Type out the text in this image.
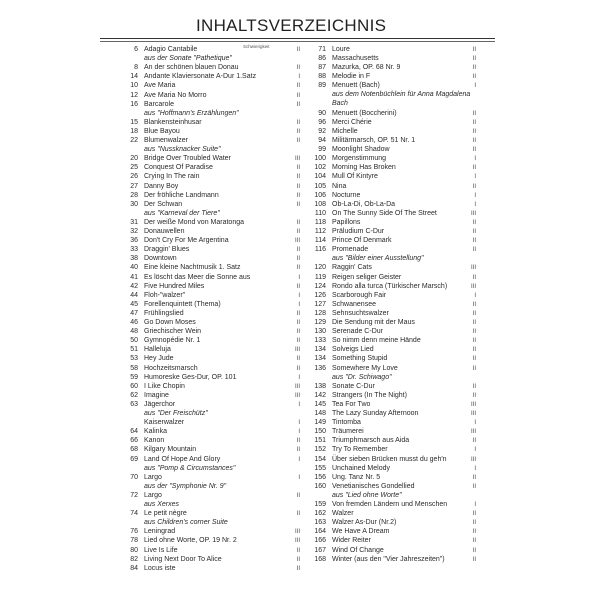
INHALTSVERZEICHNIS
Schwierigkeit
6 Adagio Cantabile	II
aus der Sonate "Pathetique"
8 An der schönen blauen Donau	II
14 Andante Klaviersonate A-Dur 1.Satz	I
10 Ave Maria	II
12 Ave Maria No Morro	II
16 Barcarole	II
aus "Hoffmann's Erzählungen"
15 Blankensteinhusar	II
18 Blue Bayou	II
22 Blumenwalzer	II
aus "Nussknacker Suite"
20 Bridge Over Troubled Water	III
25 Conquest Of Paradise	II
26 Crying In The rain	II
27 Danny Boy	II
28 Der fröhliche Landmann	II
30 Der Schwan	II
aus "Karneval der Tiere"
31 Der weiße Mond von Maratonga	II
32 Donauwellen	II
36 Don't Cry For Me Argentina	III
33 Draggin' Blues	II
38 Downtown	II
40 Eine kleine Nachtmusik 1. Satz	II
41 Es löscht das Meer die Sonne aus	I
42 Five Hundred Miles	II
44 Floh-"walzer"	I
45 Forellenquintett (Thema)	I
47 Frühlingslied	II
46 Go Down Moses	II
48 Griechischer Wein	II
50 Gymnopédie Nr. 1	II
51 Halleluja	III
53 Hey Jude	II
58 Hochzeitsmarsch	II
59 Humoreske Ges-Dur, OP. 101	I
60 I Like Chopin	III
62 Imagine	III
63 Jägerchor	I
aus "Der Freischütz"
Kaiserwalzer	I
64 Kalinka	I
66 Kanon	II
68 Kilgary Mountain	II
69 Land Of Hope And Glory	I
aus "Pomp & Circumstances"
70 Largo	I
aus der "Symphonie Nr. 9"
72 Largo	II
aus Xerxes
74 Le petit nègre	II
aus Children's corner Suite
76 Leningrad	III
78 Lied ohne Worte, OP. 19 Nr. 2	III
80 Live Is Life	II
82 Living Next Door To Alice	II
84 Locus iste	II
71 Loure	II
86 Massachusetts	II
87 Mazurka, OP. 68 Nr. 9	II
88 Melodie in F	II
89 Menuett (Bach)	I
aus dem Notenbüchlein für Anna Magdalena Bach
90 Menuett (Boccherini)	II
96 Merci Chérie	II
92 Michelle	II
94 Militärmarsch, OP. 51 Nr. 1	II
99 Moonlight Shadow	II
100 Morgenstimmung	I
102 Morning Has Broken	II
104 Mull Of Kintyre	I
105 Nina	II
106 Nocturne	I
108 Ob-La-Di, Ob-La-Da	I
110 On The Sunny Side Of The Street	III
118 Papillons	II
112 Präludium C-Dur	II
114 Prince Of Denmark	II
116 Promenade	II
aus "Bilder einer Ausstellung"
120 Raggin' Cats	III
119 Reigen seliger Geister	II
124 Rondo alla turca (Türkischer Marsch)	III
126 Scarborough Fair	I
127 Schwanensee	II
128 Sehnsuchtswalzer	II
129 Die Sendung mit der Maus	II
130 Serenade C-Dur	II
133 So nimm denn meine Hände	II
134 Solveigs Lied	II
134 Something Stupid	II
136 Somewhere My Love	II
aus "Dr. Schiwago"
138 Sonate C-Dur	II
142 Strangers (In The Night)	II
145 Tea For Two	III
148 The Lazy Sunday Afternoon	III
149 Tintomba	I
150 Träumerei	III
151 Triumphmarsch aus Aida	II
152 Try To Remember	I
154 Über sieben Brücken musst du geh'n	III
155 Unchained Melody	I
156 Ung. Tanz Nr. 5	II
160 Venetianisches Gondellied	II
aus "Lied ohne Worte"
159 Von fremden Ländern und Menschen	I
162 Walzer	II
163 Walzer As-Dur (Nr.2)	II
164 We Have A Dream	II
166 Wider Reiter	II
167 Wind Of Change	II
168 Winter (aus den "Vier Jahreszeiten")	II
